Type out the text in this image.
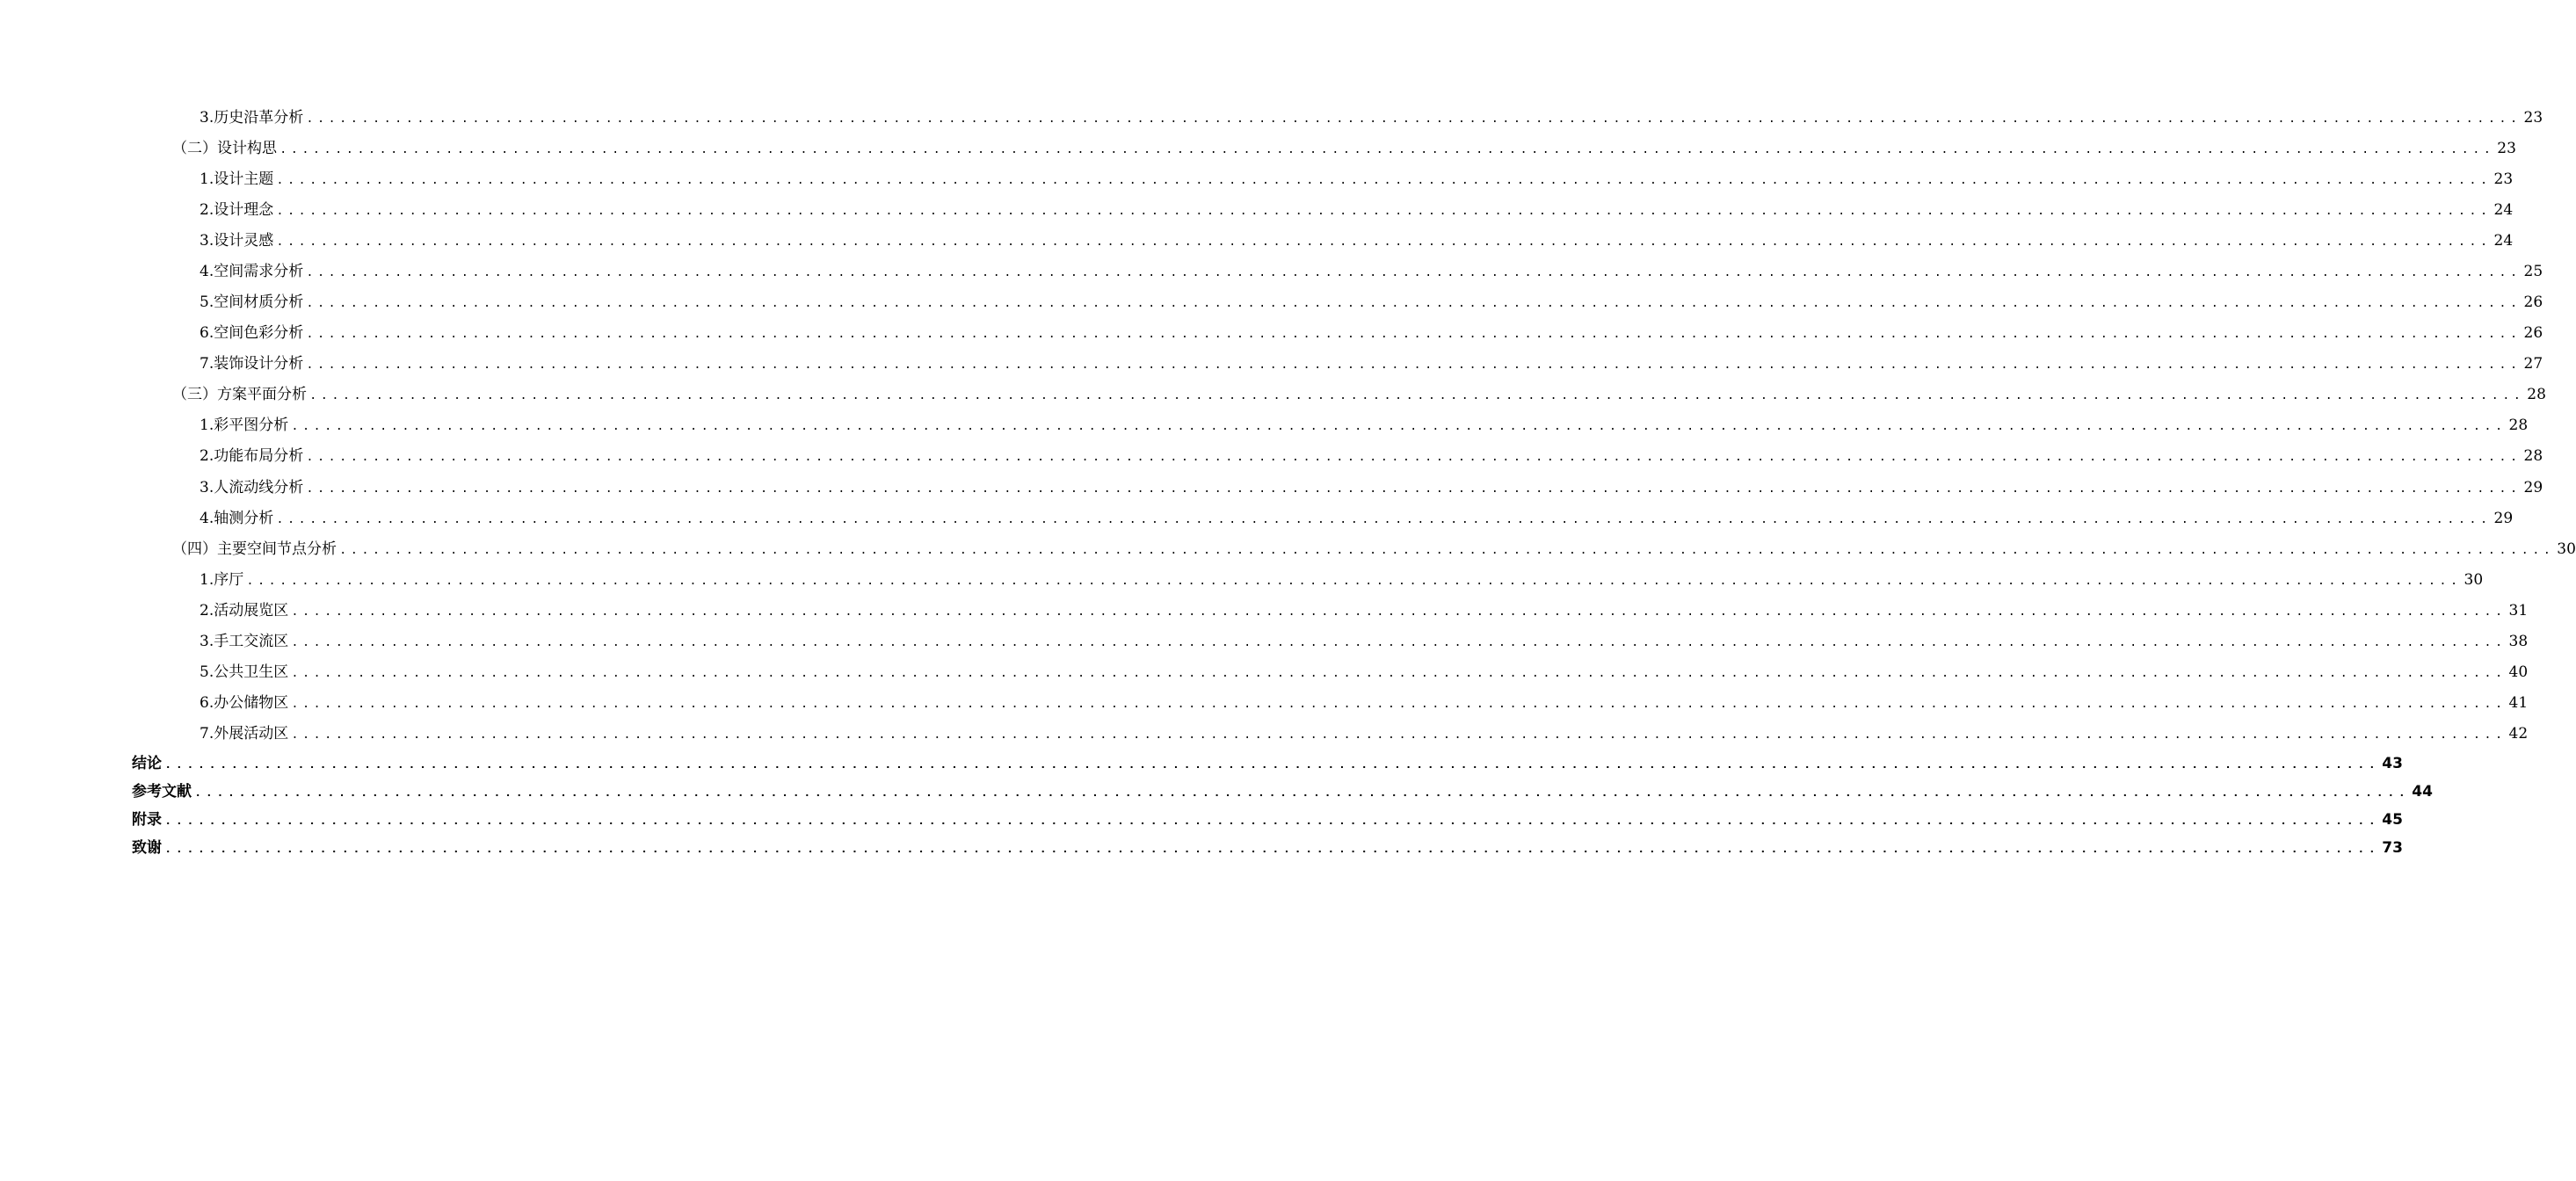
3.历史沿革分析 ........................................................................................................................................................................................................ 23
（二）设计构思 ........................................................................................................................................................................................................ 23
1.设计主题 ........................................................................................................................................................................................................ 23
2.设计理念 ........................................................................................................................................................................................................ 24
3.设计灵感 ........................................................................................................................................................................................................ 24
4.空间需求分析 ........................................................................................................................................................................................................ 25
5.空间材质分析 ........................................................................................................................................................................................................ 26
6.空间色彩分析 ........................................................................................................................................................................................................ 26
7.装饰设计分析 ........................................................................................................................................................................................................ 27
（三）方案平面分析 ........................................................................................................................................................................................................ 28
1.彩平图分析 ........................................................................................................................................................................................................ 28
2.功能布局分析 ........................................................................................................................................................................................................ 28
3.人流动线分析 ........................................................................................................................................................................................................ 29
4.轴测分析 ........................................................................................................................................................................................................ 29
（四）主要空间节点分析 ........................................................................................................................................................................................................ 30
1.序厅 ........................................................................................................................................................................................................ 30
2.活动展览区 ........................................................................................................................................................................................................ 31
3.手工交流区 ........................................................................................................................................................................................................ 38
5.公共卫生区 ........................................................................................................................................................................................................ 40
6.办公储物区 ........................................................................................................................................................................................................ 41
7.外展活动区 ........................................................................................................................................................................................................ 42
结论 ........................................................................................................................................................................................................ 43
参考文献 ........................................................................................................................................................................................................ 44
附录 ........................................................................................................................................................................................................ 45
致谢 ........................................................................................................................................................................................................ 73
